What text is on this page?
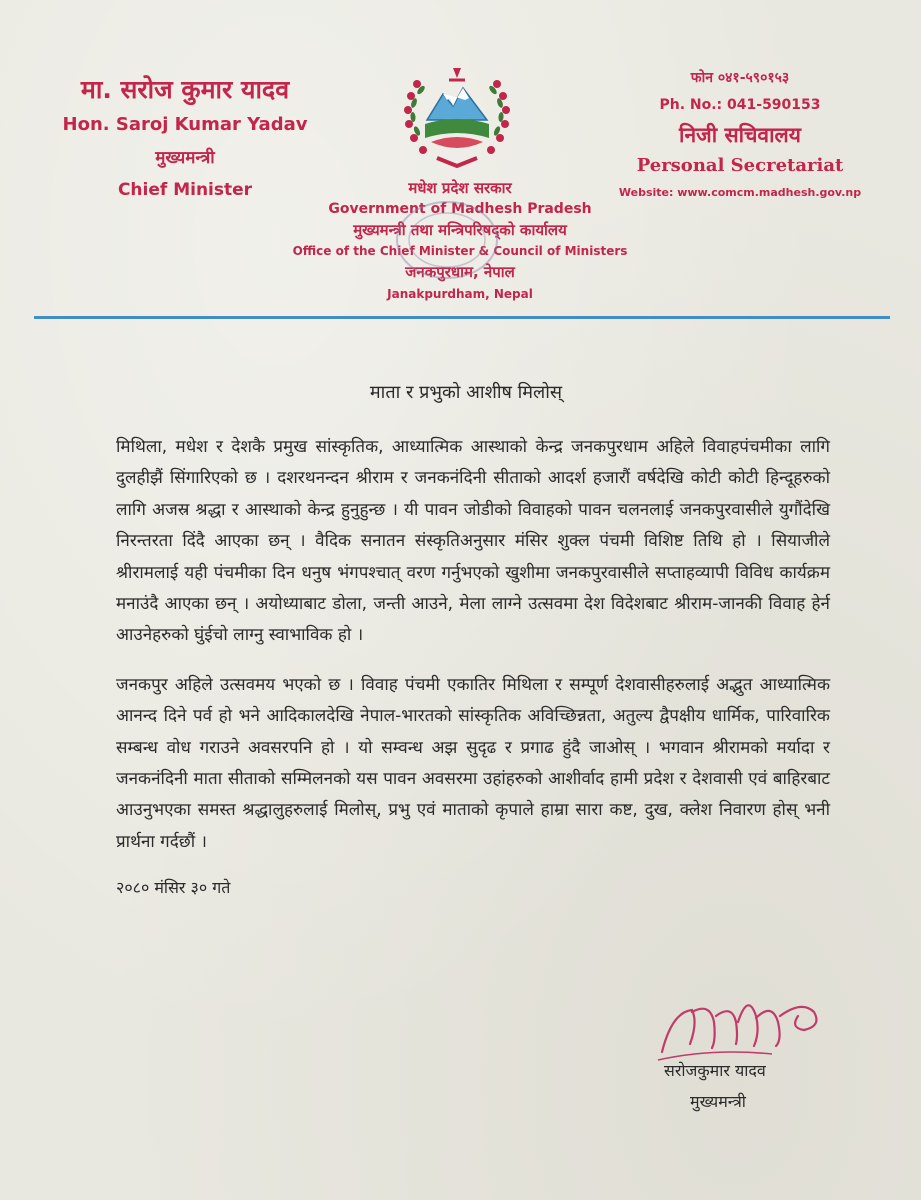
मा. सरोज कुमार यादव
Hon. Saroj Kumar Yadav
मुख्यमन्त्री
Chief Minister	मधेश प्रदेश सरकार
Government of Madhesh Pradesh
मुख्यमन्त्री तथा मन्त्रिपरिषद्को कार्यालय
Office of the Chief Minister & Council of Ministers
जनकपुरधाम, नेपाल
Janakpurdham, Nepal
फोन ०४१-५९०१५३
Ph. No.: 041-590153
निजी सचिवालय
Personal Secretariat
Website: www.comcm.madhesh.gov.np
माता र प्रभुको आशीष मिलोस्

मिथिला, मधेश र देशकै प्रमुख सांस्कृतिक, आध्यात्मिक आस्थाको केन्द्र जनकपुरधाम अहिले विवाहपंचमीका लागि दुलहीझैं सिंगारिएको छ । दशरथनन्दन श्रीराम र जनकनंदिनी सीताको आदर्श हजारौं वर्षदेखि कोटी कोटी हिन्दूहरुको लागि अजस्र श्रद्धा र आस्थाको केन्द्र हुनुहुन्छ । यी पावन जोडीको विवाहको पावन चलनलाई जनकपुरवासीले युगौंदेखि निरन्तरता दिंदै आएका छन् । वैदिक सनातन संस्कृतिअनुसार मंसिर शुक्ल पंचमी विशिष्ट तिथि हो । सियाजीले श्रीरामलाई यही पंचमीका दिन धनुष भंगपश्चात् वरण गर्नुभएको खुशीमा जनकपुरवासीले सप्ताहव्यापी विविध कार्यक्रम मनाउंदै आएका छन् । अयोध्याबाट डोला, जन्ती आउने, मेला लाग्ने उत्सवमा देश विदेशबाट श्रीराम-जानकी विवाह हेर्न आउनेहरुको घुंईचो लाग्नु स्वाभाविक हो ।

जनकपुर अहिले उत्सवमय भएको छ । विवाह पंचमी एकातिर मिथिला र सम्पूर्ण देशवासीहरुलाई अद्भुत आध्यात्मिक आनन्द दिने पर्व हो भने आदिकालदेखि नेपाल-भारतको सांस्कृतिक अविच्छिन्नता, अतुल्य द्वैपक्षीय धार्मिक, पारिवारिक सम्बन्ध वोध गराउने अवसरपनि हो । यो सम्वन्ध अझ सुदृढ र प्रगाढ हुंदै जाओस् । भगवान श्रीरामको मर्यादा र जनकनंदिनी माता सीताको सम्मिलनको यस पावन अवसरमा उहांहरुको आशीर्वाद हामी प्रदेश र देशवासी एवं बाहिरबाट आउनुभएका समस्त श्रद्धालुहरुलाई मिलोस्, प्रभु एवं माताको कृपाले हाम्रा सारा कष्ट, दुख, क्लेश निवारण होस् भनी प्रार्थना गर्दछौं ।

२०८० मंसिर ३० गते
सरोजकुमार यादव
मुख्यमन्त्री
